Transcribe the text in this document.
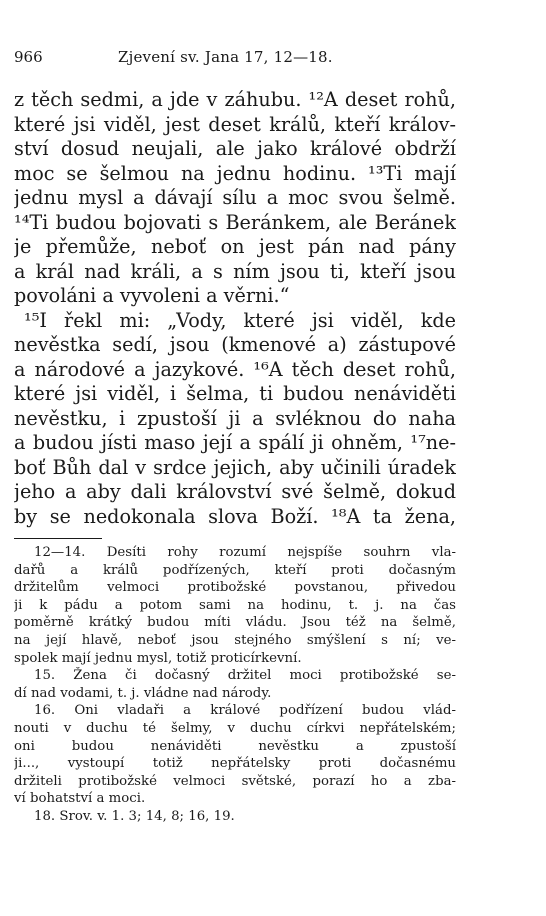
966	Zjevení sv. Jana 17, 12—18.
z těch sedmi, a jde v záhubu. ¹²A deset rohů,
které jsi viděl, jest deset králů, kteří králov-
ství dosud neujali, ale jako králové obdrží
moc se šelmou na jednu hodinu. ¹³Ti mají
jednu mysl a dávají sílu a moc svou šelmě.
¹⁴Ti budou bojovati s Beránkem, ale Beránek
je přemůže, neboť on jest pán nad pány
a král nad králi, a s ním jsou ti, kteří jsou
povoláni a vyvoleni a věrni.“
¹⁵I řekl mi: „Vody, které jsi viděl, kde
nevěstka sedí, jsou (kmenové a) zástupové
a národové a jazykové. ¹⁶A těch deset rohů,
které jsi viděl, i šelma, ti budou nenáviděti
nevěstku, i zpustoší ji a svléknou do naha
a budou jísti maso její a spálí ji ohněm, ¹⁷ne-
boť Bůh dal v srdce jejich, aby učinili úradek
jeho a aby dali království své šelmě, dokud
by se nedokonala slova Boží. ¹⁸A ta žena,
12—14. Desíti rohy rozumí nejspíše souhrn vla-
dařů a králů podřízených, kteří proti dočasným
držitelům velmoci protibožské povstanou, přivedou
ji k pádu a potom sami na hodinu, t. j. na čas
poměrně krátký budou míti vládu. Jsou též na šelmě,
na její hlavě, neboť jsou stejného smýšlení s ní; ve-
spolek mají jednu mysl, totiž proticírkevní.
15. Žena či dočasný držitel moci protibožské se-
dí nad vodami, t. j. vládne nad národy.
16. Oni vladaři a králové podřízení budou vlád-
nouti v duchu té šelmy, v duchu církvi nepřátelském;
oni budou nenáviděti nevěstku a zpustoší
ji..., vystoupí totiž nepřátelsky proti dočasnému
držiteli protibožské velmoci světské, porazí ho a zba-
ví bohatství a moci.
18. Srov. v. 1. 3; 14, 8; 16, 19.
